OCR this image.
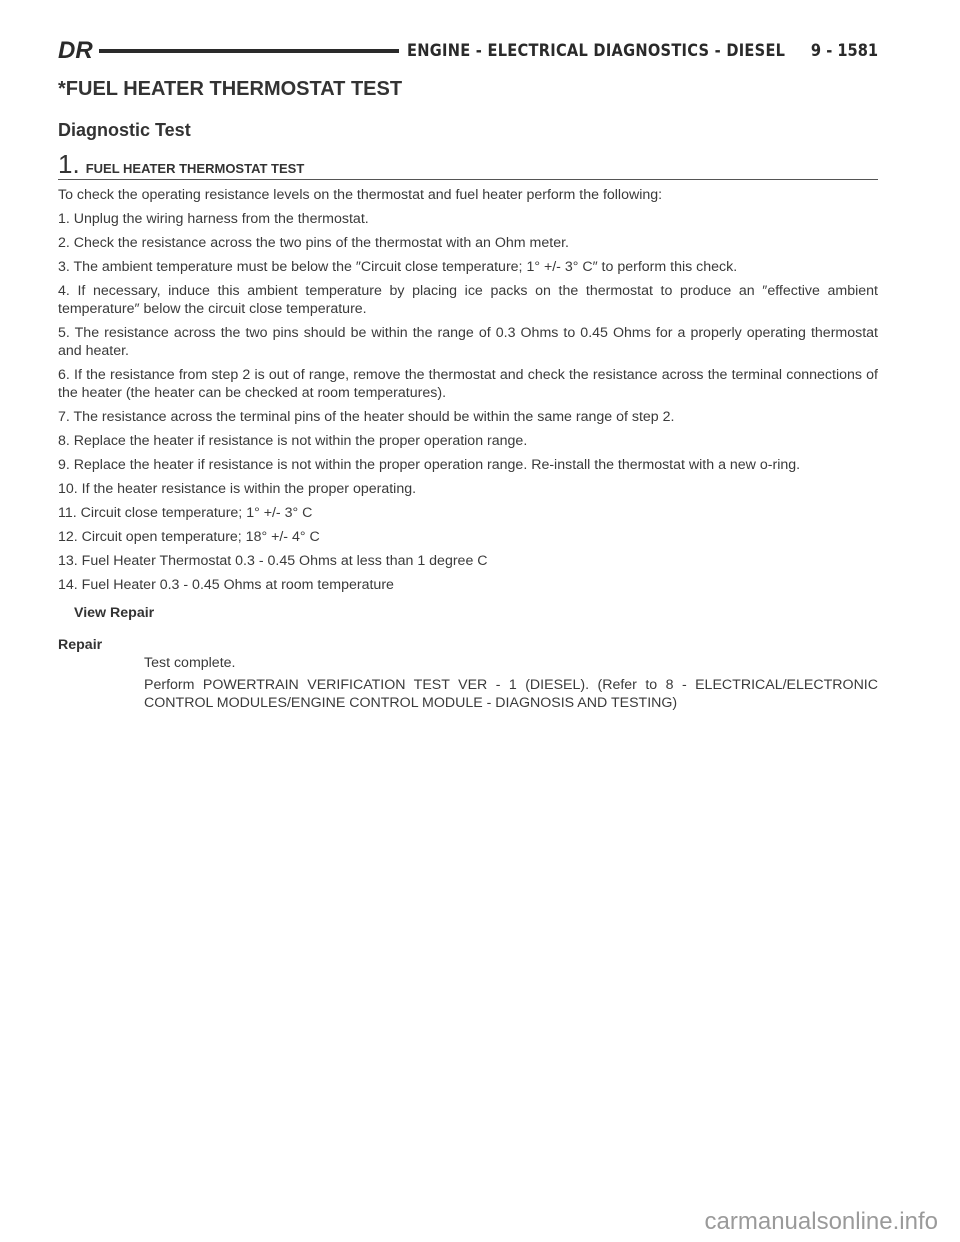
DR	ENGINE - ELECTRICAL DIAGNOSTICS - DIESEL 9 - 1581
*FUEL HEATER THERMOSTAT TEST
Diagnostic Test
1. FUEL HEATER THERMOSTAT TEST

To check the operating resistance levels on the thermostat and fuel heater perform the following:

1. Unplug the wiring harness from the thermostat.

2. Check the resistance across the two pins of the thermostat with an Ohm meter.

3. The ambient temperature must be below the ″Circuit close temperature; 1° +/- 3° C″ to perform this check.

4. If necessary, induce this ambient temperature by placing ice packs on the thermostat to produce an ″effective ambient temperature″ below the circuit close temperature.

5. The resistance across the two pins should be within the range of 0.3 Ohms to 0.45 Ohms for a properly operating thermostat and heater.

6. If the resistance from step 2 is out of range, remove the thermostat and check the resistance across the terminal connections of the heater (the heater can be checked at room temperatures).

7. The resistance across the terminal pins of the heater should be within the same range of step 2.

8. Replace the heater if resistance is not within the proper operation range.

9. Replace the heater if resistance is not within the proper operation range. Re-install the thermostat with a new o-ring.

10. If the heater resistance is within the proper operating.

11. Circuit close temperature; 1° +/- 3° C

12. Circuit open temperature; 18° +/- 4° C

13. Fuel Heater Thermostat 0.3 - 0.45 Ohms at less than 1 degree C

14. Fuel Heater 0.3 - 0.45 Ohms at room temperature

View Repair
Repair

Test complete.

Perform POWERTRAIN VERIFICATION TEST VER - 1 (DIESEL). (Refer to 8 - ELECTRICAL/ELECTRONIC CONTROL MODULES/ENGINE CONTROL MODULE - DIAGNOSIS AND TESTING)

carmanualsonline.info
